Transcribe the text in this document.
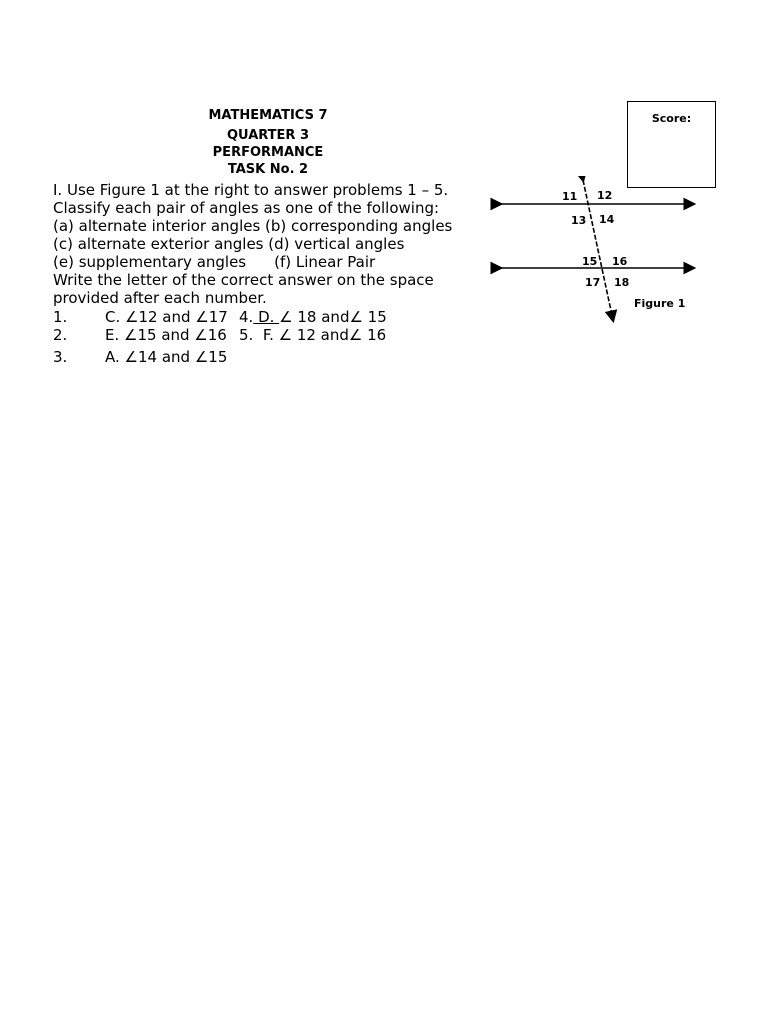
MATHEMATICS 7
QUARTER 3
PERFORMANCE
TASK No. 2
Score:
I. Use Figure 1 at the right to answer problems 1 – 5.
Classify each pair of angles as one of the following:
(a) alternate interior angles (b) corresponding angles
(c) alternate exterior angles (d) vertical angles
(e) supplementary angles (f) Linear Pair
Write the letter of the correct answer on the space
provided after each number.
1.	C. ∠12 and ∠17 4. D. ∠ 18 and∠ 15
2.	E. ∠15 and ∠16 5. F. ∠ 12 and∠ 16
3.	A. ∠14 and ∠15
11 12
13 14
15 16
17 18
Figure 1
